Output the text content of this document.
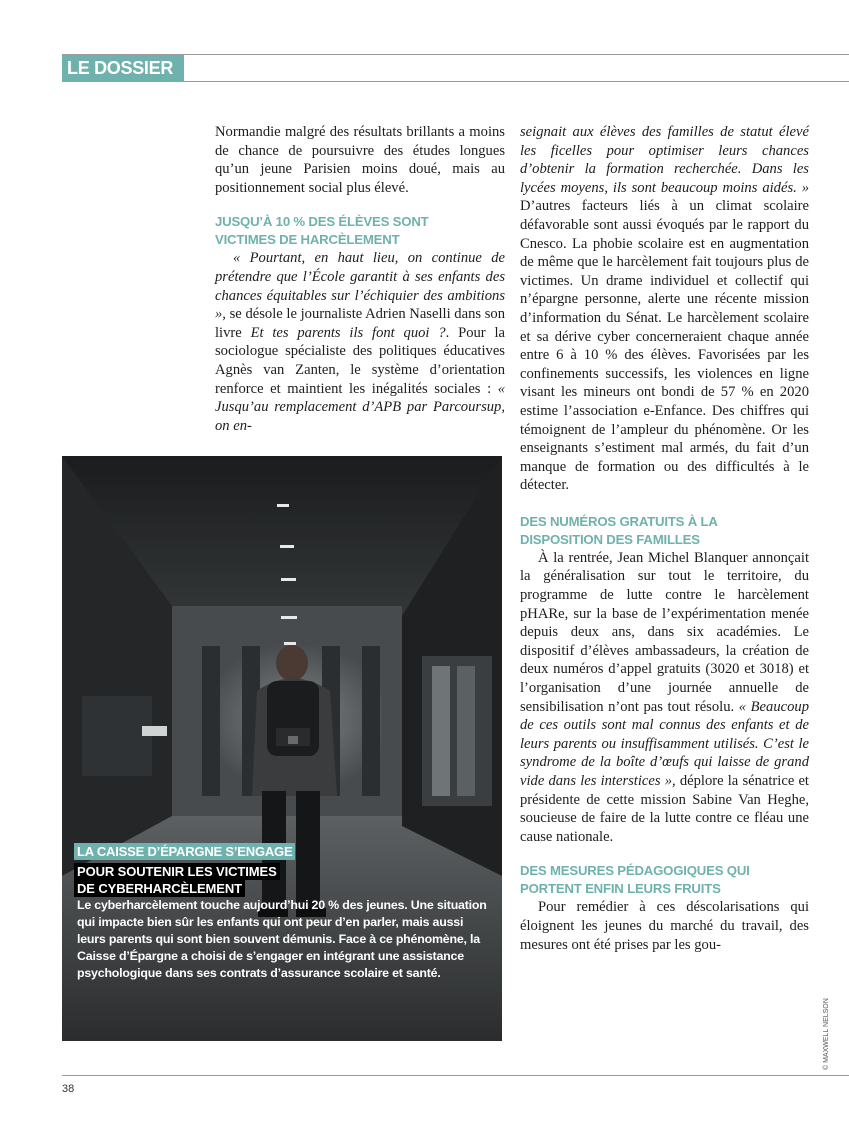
LE DOSSIER

Normandie malgré des résultats brillants a moins de chance de poursuivre des études longues qu’un jeune Parisien moins doué, mais au positionnement social plus élevé.

JUSQU’À 10 % DES ÉLÈVES SONT VICTIMES DE HARCÈLEMENT

« Pourtant, en haut lieu, on continue de prétendre que l’École garantit à ses enfants des chances équitables sur l’échiquier des ambitions », se désole le journaliste Adrien Naselli dans son livre Et tes parents ils font quoi ?. Pour la sociologue spécialiste des politiques éducatives Agnès van Zanten, le système d’orientation renforce et maintient les inégalités sociales : « Jusqu’au remplacement d’APB par Parcoursup, on en-

seignait aux élèves des familles de statut élevé les ficelles pour optimiser leurs chances d’obtenir la formation recherchée. Dans les lycées moyens, ils sont beaucoup moins aidés. » D’autres facteurs liés à un climat scolaire défavorable sont aussi évoqués par le rapport du Cnesco. La phobie scolaire est en augmentation de même que le harcèlement fait toujours plus de victimes. Un drame individuel et collectif qui n’épargne personne, alerte une récente mission d’information du Sénat. Le harcèlement scolaire et sa dérive cyber concerneraient chaque année entre 6 à 10 % des élèves. Favorisées par les confinements successifs, les violences en ligne visant les mineurs ont bondi de 57 % en 2020 estime l’association e-Enfance. Des chiffres qui témoignent de l’ampleur du phénomène. Or les enseignants s’estiment mal armés, du fait d’un manque de formation ou des difficultés à le détecter.

DES NUMÉROS GRATUITS À LA DISPOSITION DES FAMILLES

À la rentrée, Jean Michel Blanquer annonçait la généralisation sur tout le territoire, du programme de lutte contre le harcèlement pHARe, sur la base de l’expérimentation menée depuis deux ans, dans six académies. Le dispositif d’élèves ambassadeurs, la création de deux numéros d’appel gratuits (3020 et 3018) et l’organisation d’une journée annuelle de sensibilisation n’ont pas tout résolu. « Beaucoup de ces outils sont mal connus des enfants et de leurs parents ou insuffisamment utilisés. C’est le syndrome de la boîte d’œufs qui laisse de grand vide dans les interstices », déplore la sénatrice et présidente de cette mission Sabine Van Heghe, soucieuse de faire de la lutte contre ce fléau une cause nationale.

DES MESURES PÉDAGOGIQUES QUI PORTENT ENFIN LEURS FRUITS

Pour remédier à ces déscolarisations qui éloignent les jeunes du marché du travail, des mesures ont été prises par les gou-

LA CAISSE D’ÉPARGNE S’ENGAGE
POUR SOUTENIR LES VICTIMES
DE CYBERHARCÈLEMENT
Le cyberharcèlement touche aujourd’hui 20 % des jeunes. Une situation qui impacte bien sûr les enfants qui ont peur d’en parler, mais aussi leurs parents qui sont bien souvent démunis. Face à ce phénomène, la Caisse d’Épargne a choisi de s’engager en intégrant une assistance psychologique dans ses contrats d’assurance scolaire et santé.
© MAXWELL NELSON
38
